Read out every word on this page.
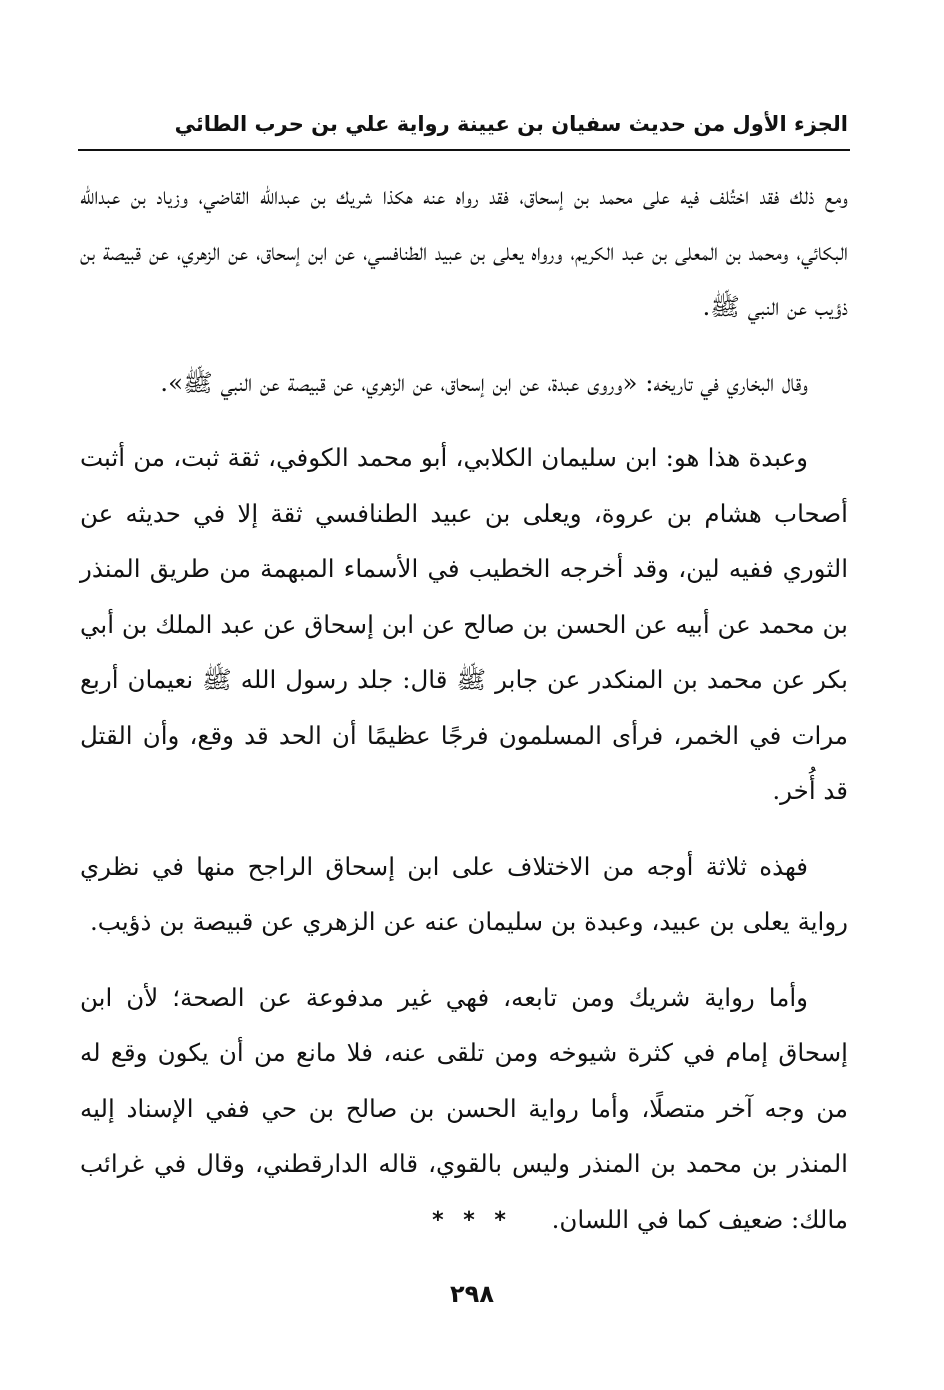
الجزء الأول من حديث سفيان بن عيينة رواية علي بن حرب الطائي

ومع ذلك فقد اختُلف فيه على محمد بن إسحاق، فقد رواه عنه هكذا شريك بن عبدالله القاضي، وزياد بن عبدالله البكائي، ومحمد بن المعلى بن عبد الكريم، ورواه يعلى بن عبيد الطنافسي، عن ابن إسحاق، عن الزهري، عن قبيصة بن ذؤيب عن النبي ﷺ.

وقال البخاري في تاريخه: «وروى عبدة، عن ابن إسحاق، عن الزهري، عن قبيصة عن النبي ﷺ».

وعبدة هذا هو: ابن سليمان الكلابي، أبو محمد الكوفي، ثقة ثبت، من أثبت أصحاب هشام بن عروة، ويعلى بن عبيد الطنافسي ثقة إلا في حديثه عن الثوري ففيه لين، وقد أخرجه الخطيب في الأسماء المبهمة من طريق المنذر بن محمد عن أبيه عن الحسن بن صالح عن ابن إسحاق عن عبد الملك بن أبي بكر عن محمد بن المنكدر عن جابر ﷺ قال: جلد رسول الله ﷺ نعيمان أربع مرات في الخمر، فرأى المسلمون فرجًا عظيمًا أن الحد قد وقع، وأن القتل قد أُخر.

فهذه ثلاثة أوجه من الاختلاف على ابن إسحاق الراجح منها في نظري رواية يعلى بن عبيد، وعبدة بن سليمان عنه عن الزهري عن قبيصة بن ذؤيب.

وأما رواية شريك ومن تابعه، فهي غير مدفوعة عن الصحة؛ لأن ابن إسحاق إمام في كثرة شيوخه ومن تلقى عنه، فلا مانع من أن يكون وقع له من وجه آخر متصلًا، وأما رواية الحسن بن صالح بن حي ففي الإسناد إليه المنذر بن محمد بن المنذر وليس بالقوي، قاله الدارقطني، وقال في غرائب مالك: ضعيف كما في اللسان.

* * *
٢٩٨
